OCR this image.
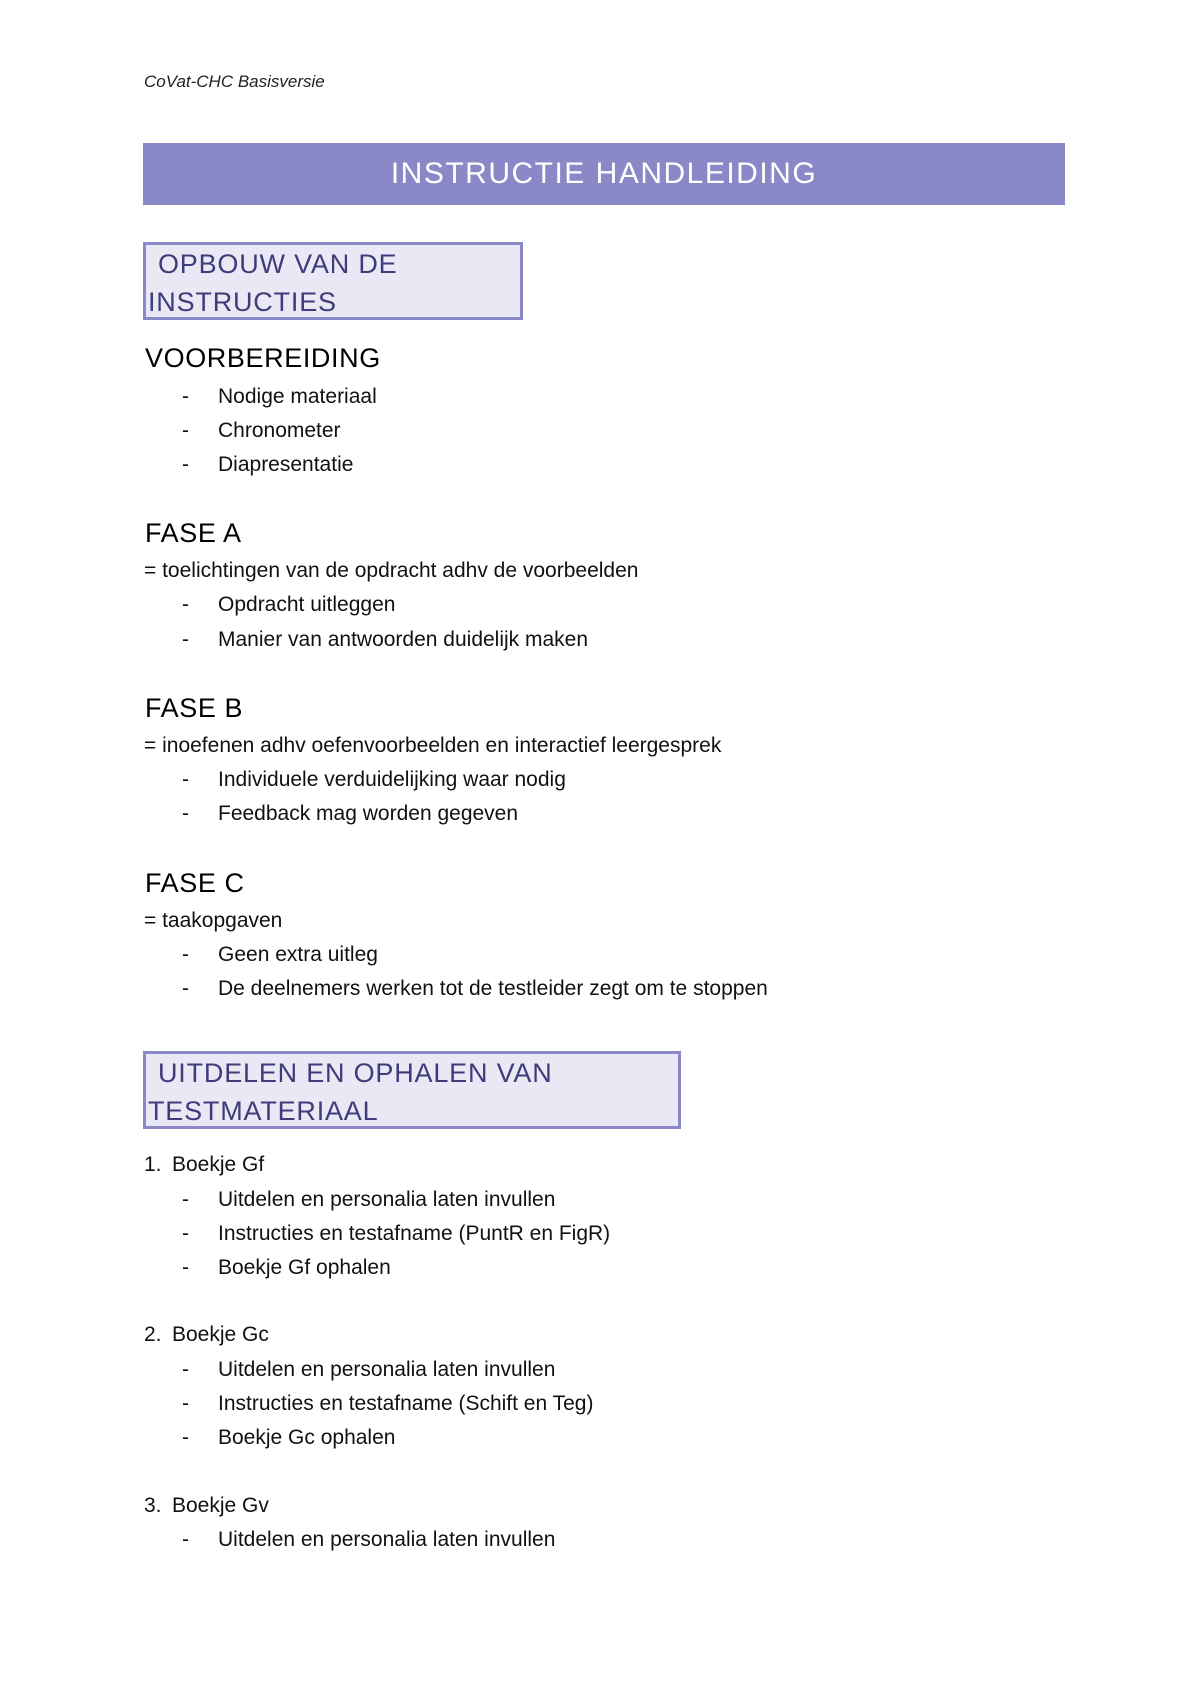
CoVat-CHC Basisversie
INSTRUCTIE HANDLEIDING
OPBOUW VAN DE
INSTRUCTIES
VOORBEREIDING
- Nodige materiaal
- Chronometer
- Diapresentatie
FASE A
= toelichtingen van de opdracht adhv de voorbeelden
- Opdracht uitleggen
- Manier van antwoorden duidelijk maken
FASE B
= inoefenen adhv oefenvoorbeelden en interactief leergesprek
- Individuele verduidelijking waar nodig
- Feedback mag worden gegeven
FASE C
= taakopgaven
- Geen extra uitleg
- De deelnemers werken tot de testleider zegt om te stoppen
UITDELEN EN OPHALEN VAN
TESTMATERIAAL
1. Boekje Gf
- Uitdelen en personalia laten invullen
- Instructies en testafname (PuntR en FigR)
- Boekje Gf ophalen
2. Boekje Gc
- Uitdelen en personalia laten invullen
- Instructies en testafname (Schift en Teg)
- Boekje Gc ophalen
3. Boekje Gv
- Uitdelen en personalia laten invullen
